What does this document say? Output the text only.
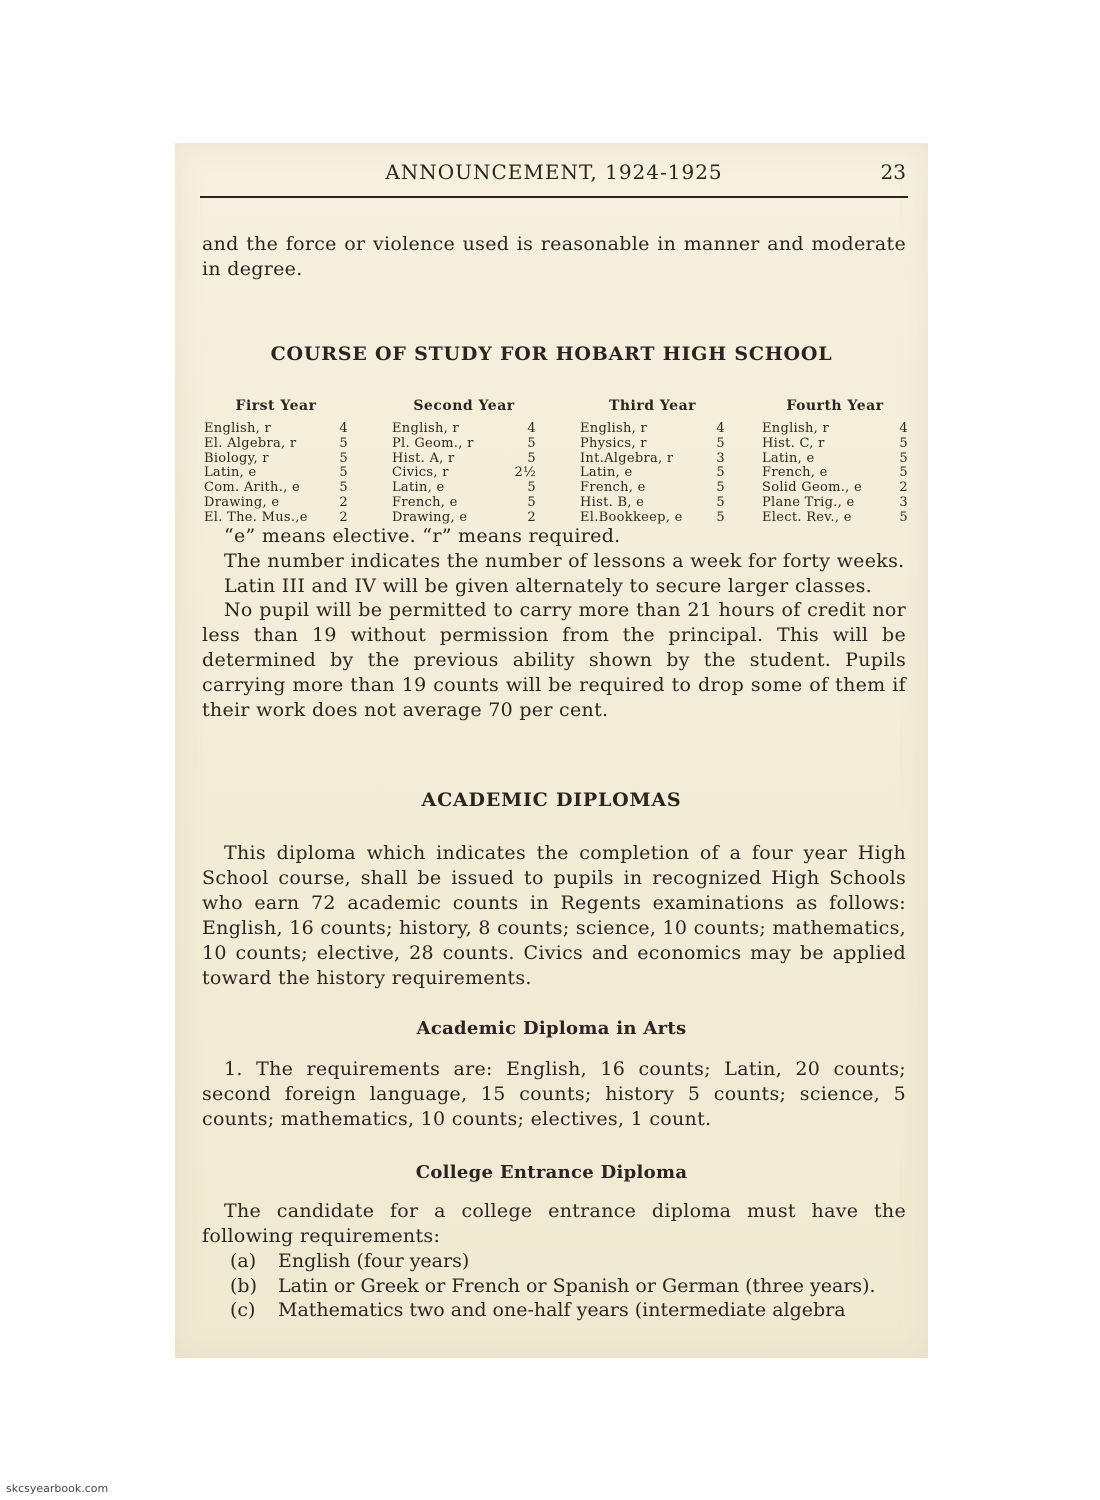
ANNOUNCEMENT, 1924-1925	23
and the force or violence used is reasonable in manner and moderate in degree.
COURSE OF STUDY FOR HOBART HIGH SCHOOL
First Year
English, r	4
El. Algebra, r	5
Biology, r	5
Latin, e	5
Com. Arith., e	5
Drawing, e	2
El. The. Mus.,e 2
Second Year
English, r	4
Pl. Geom., r	5
Hist. A, r	5
Civics, r	2½
Latin, e	5
French, e	5
Drawing, e	2
Third Year
English, r	4
Physics, r	5
Int.Algebra, r	3
Latin, e	5
French, e	5
Hist. B, e	5
El.Bookkeep, e	5
Fourth Year
English, r	4
Hist. C, r	5
Latin, e	5
French, e	5
Solid Geom., e	2
Plane Trig., e	3
Elect. Rev., e	5
“e” means elective. “r” means required.
The number indicates the number of lessons a week for forty weeks.
Latin III and IV will be given alternately to secure larger classes.
No pupil will be permitted to carry more than 21 hours of credit nor less than 19 without permission from the principal. This will be determined by the previous ability shown by the student. Pupils carrying more than 19 counts will be required to drop some of them if their work does not average 70 per cent.
ACADEMIC DIPLOMAS
This diploma which indicates the completion of a four year High School course, shall be issued to pupils in recognized High Schools who earn 72 academic counts in Regents examinations as follows: English, 16 counts; history, 8 counts; science, 10 counts; mathematics, 10 counts; elective, 28 counts. Civics and economics may be applied toward the history requirements.
Academic Diploma in Arts
1. The requirements are: English, 16 counts; Latin, 20 counts; second foreign language, 15 counts; history 5 counts; science, 5 counts; mathematics, 10 counts; electives, 1 count.
College Entrance Diploma
The candidate for a college entrance diploma must have the following requirements:
(a) English (four years)
(b) Latin or Greek or French or Spanish or German (three years).
(c) Mathematics two and one-half years (intermediate algebra
skcsyearbook.com
